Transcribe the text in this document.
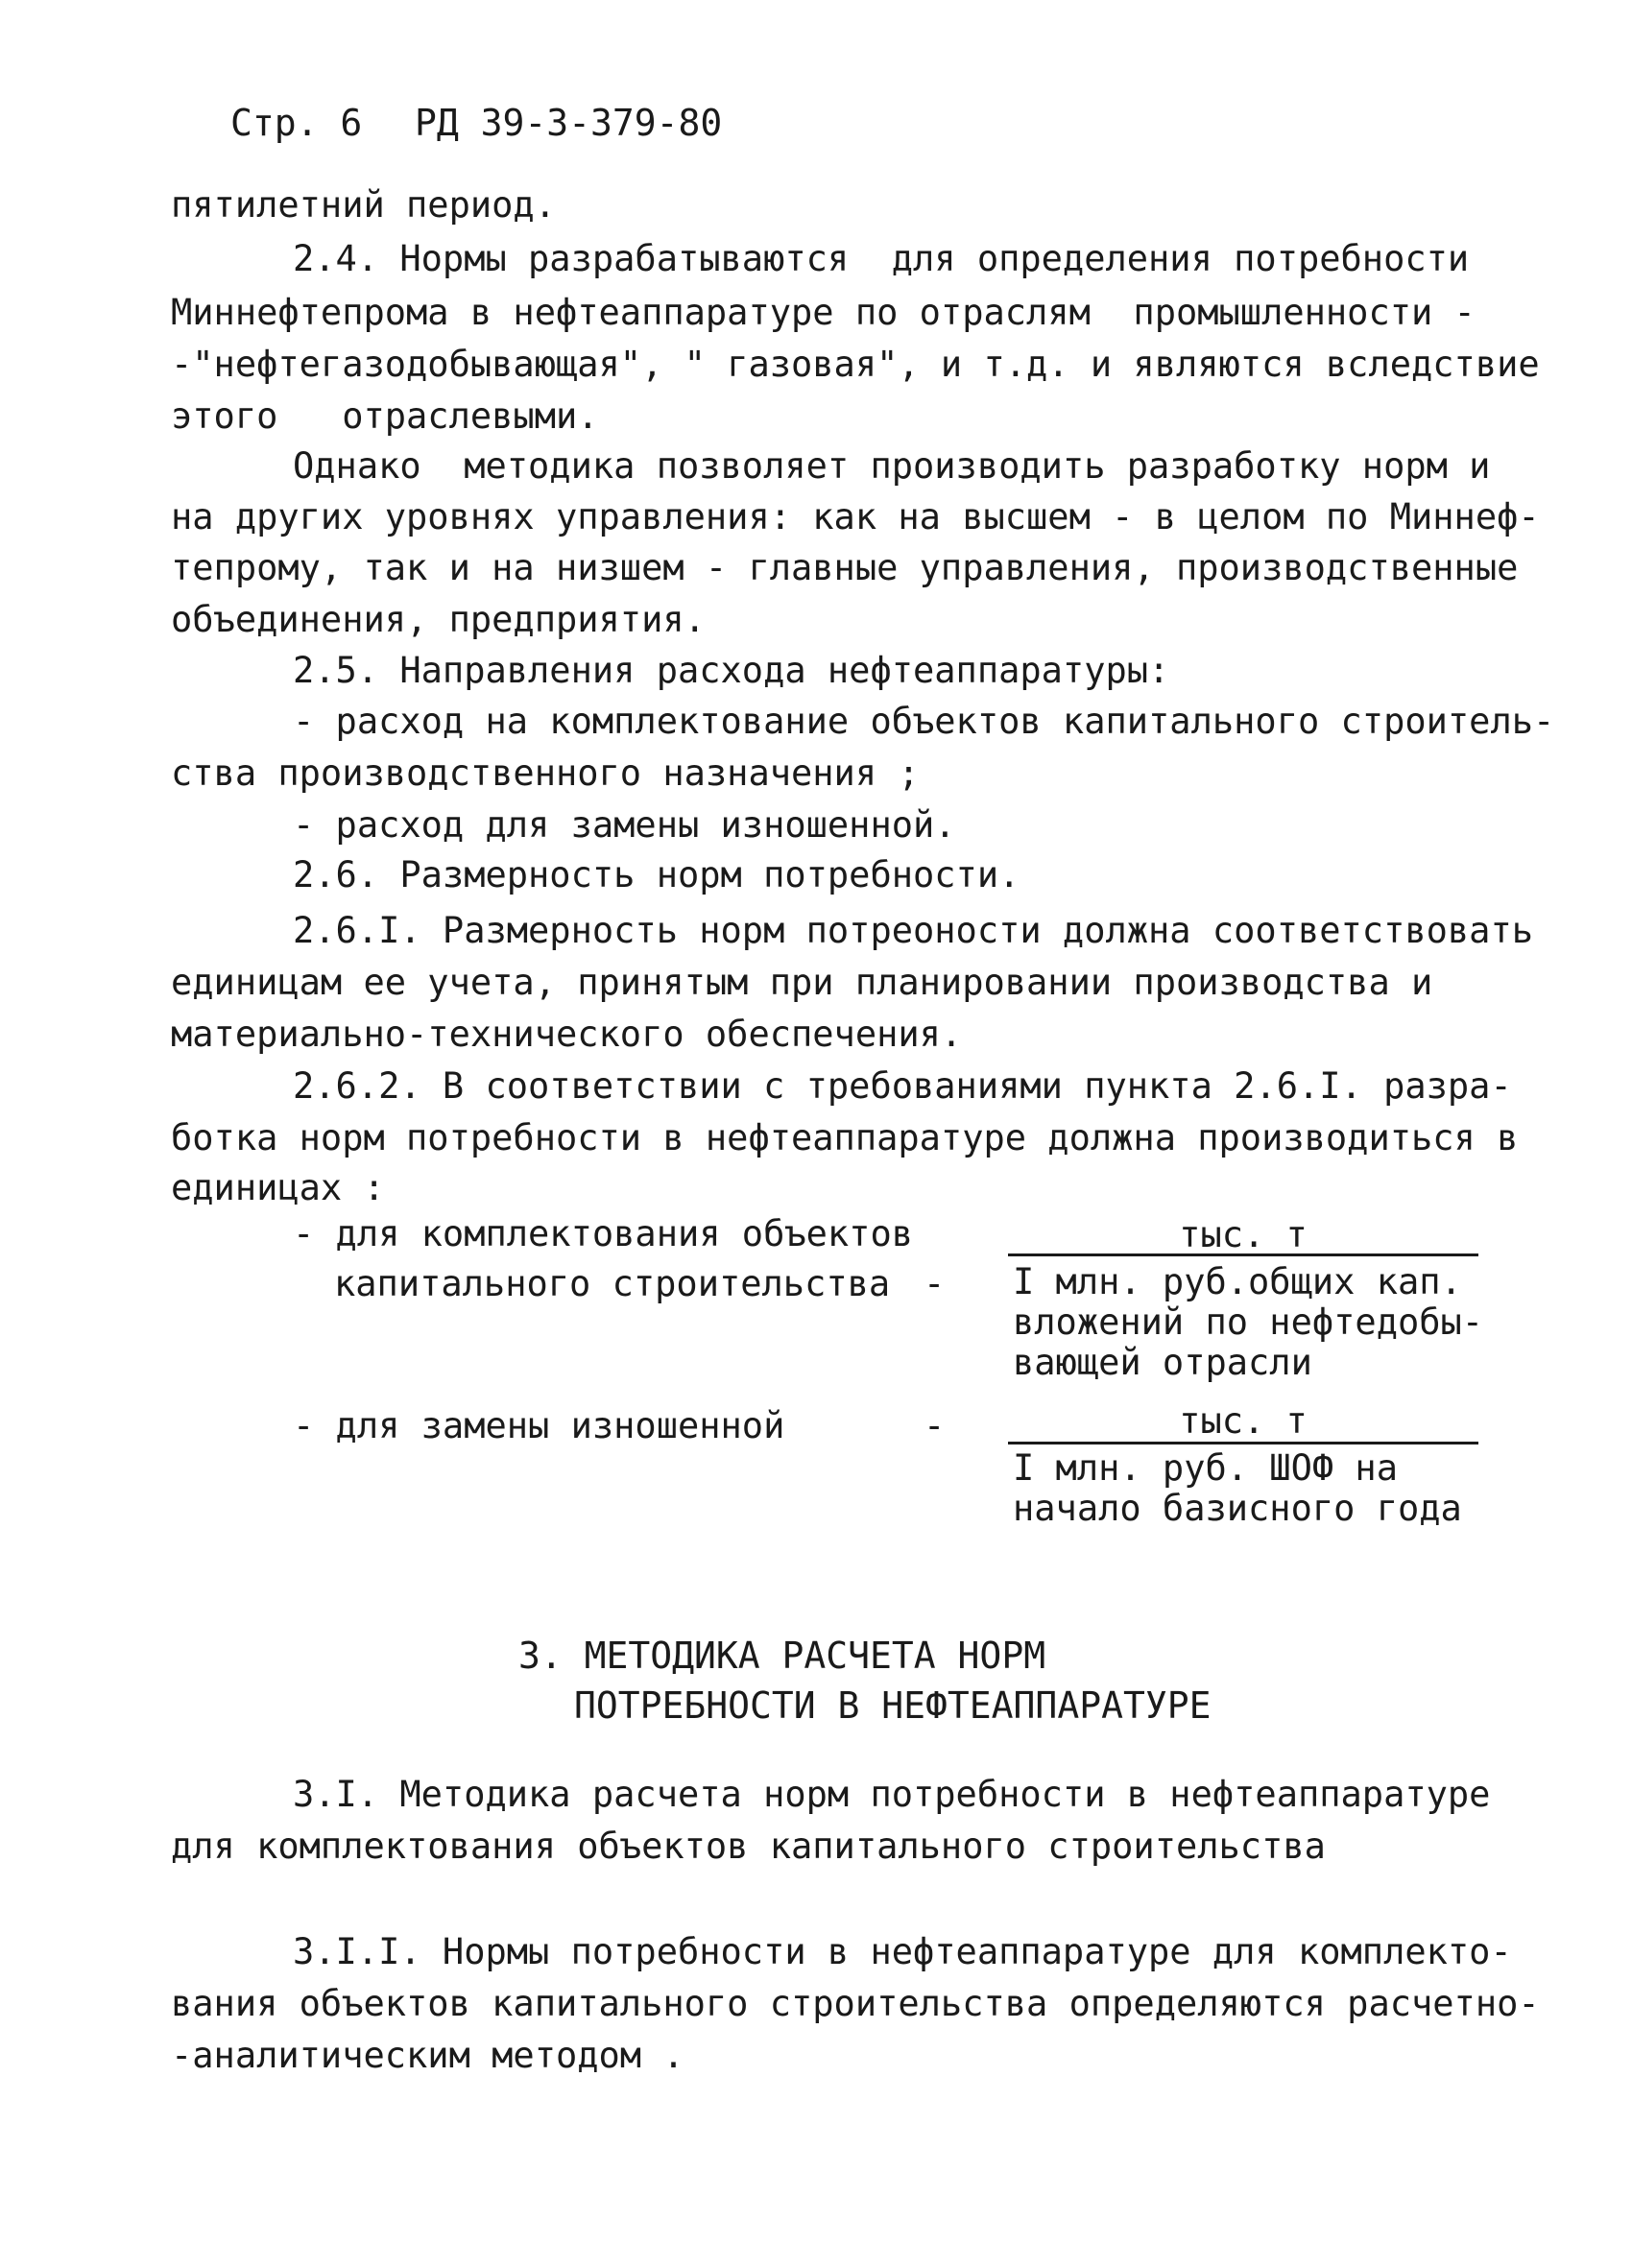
Стр. 6 РД 39-3-379-80
пятилетний период.
2.4. Нормы разрабатываются  для определения потребности
Миннефтепрома в нефтеаппаратуре по отраслям  промышленности -
-"нефтегазодобывающая", " газовая", и т.д. и являются вследствие
этого   отраслевыми.
Однако  методика позволяет производить разработку норм и
на других уровнях управления: как на высшем - в целом по Миннеф-
тепрому, так и на низшем - главные управления, производственные
объединения, предприятия.
2.5. Направления расхода нефтеаппаратуры:
- расход на комплектование объектов капитального строитель-
ства производственного назначения ;
- расход для замены изношенной.
2.6. Размерность норм потребности.
2.6.I. Размерность норм потреоности должна соответствовать
единицам ее учета, принятым при планировании производства и
материально-технического обеспечения.
2.6.2. В соответствии с требованиями пункта 2.6.I. разра-
ботка норм потребности в нефтеаппаратуре должна производиться в
единицах :
- для комплектования объектов
капитального строительства -
тыс. т
I млн. руб.общих кап.
вложений по нефтедобы-
вающей отрасли
- для замены изношенной	-	тыс. т
I млн. руб. ШОФ на
начало базисного года
3. МЕТОДИКА РАСЧЕТА НОРМ
ПОТРЕБНОСТИ В НЕФТЕАППАРАТУРЕ
3.I. Методика расчета норм потребности в нефтеаппаратуре
для комплектования объектов капитального строительства
3.I.I. Нормы потребности в нефтеаппаратуре для комплекто-
вания объектов капитального строительства определяются расчетно-
-аналитическим методом .
